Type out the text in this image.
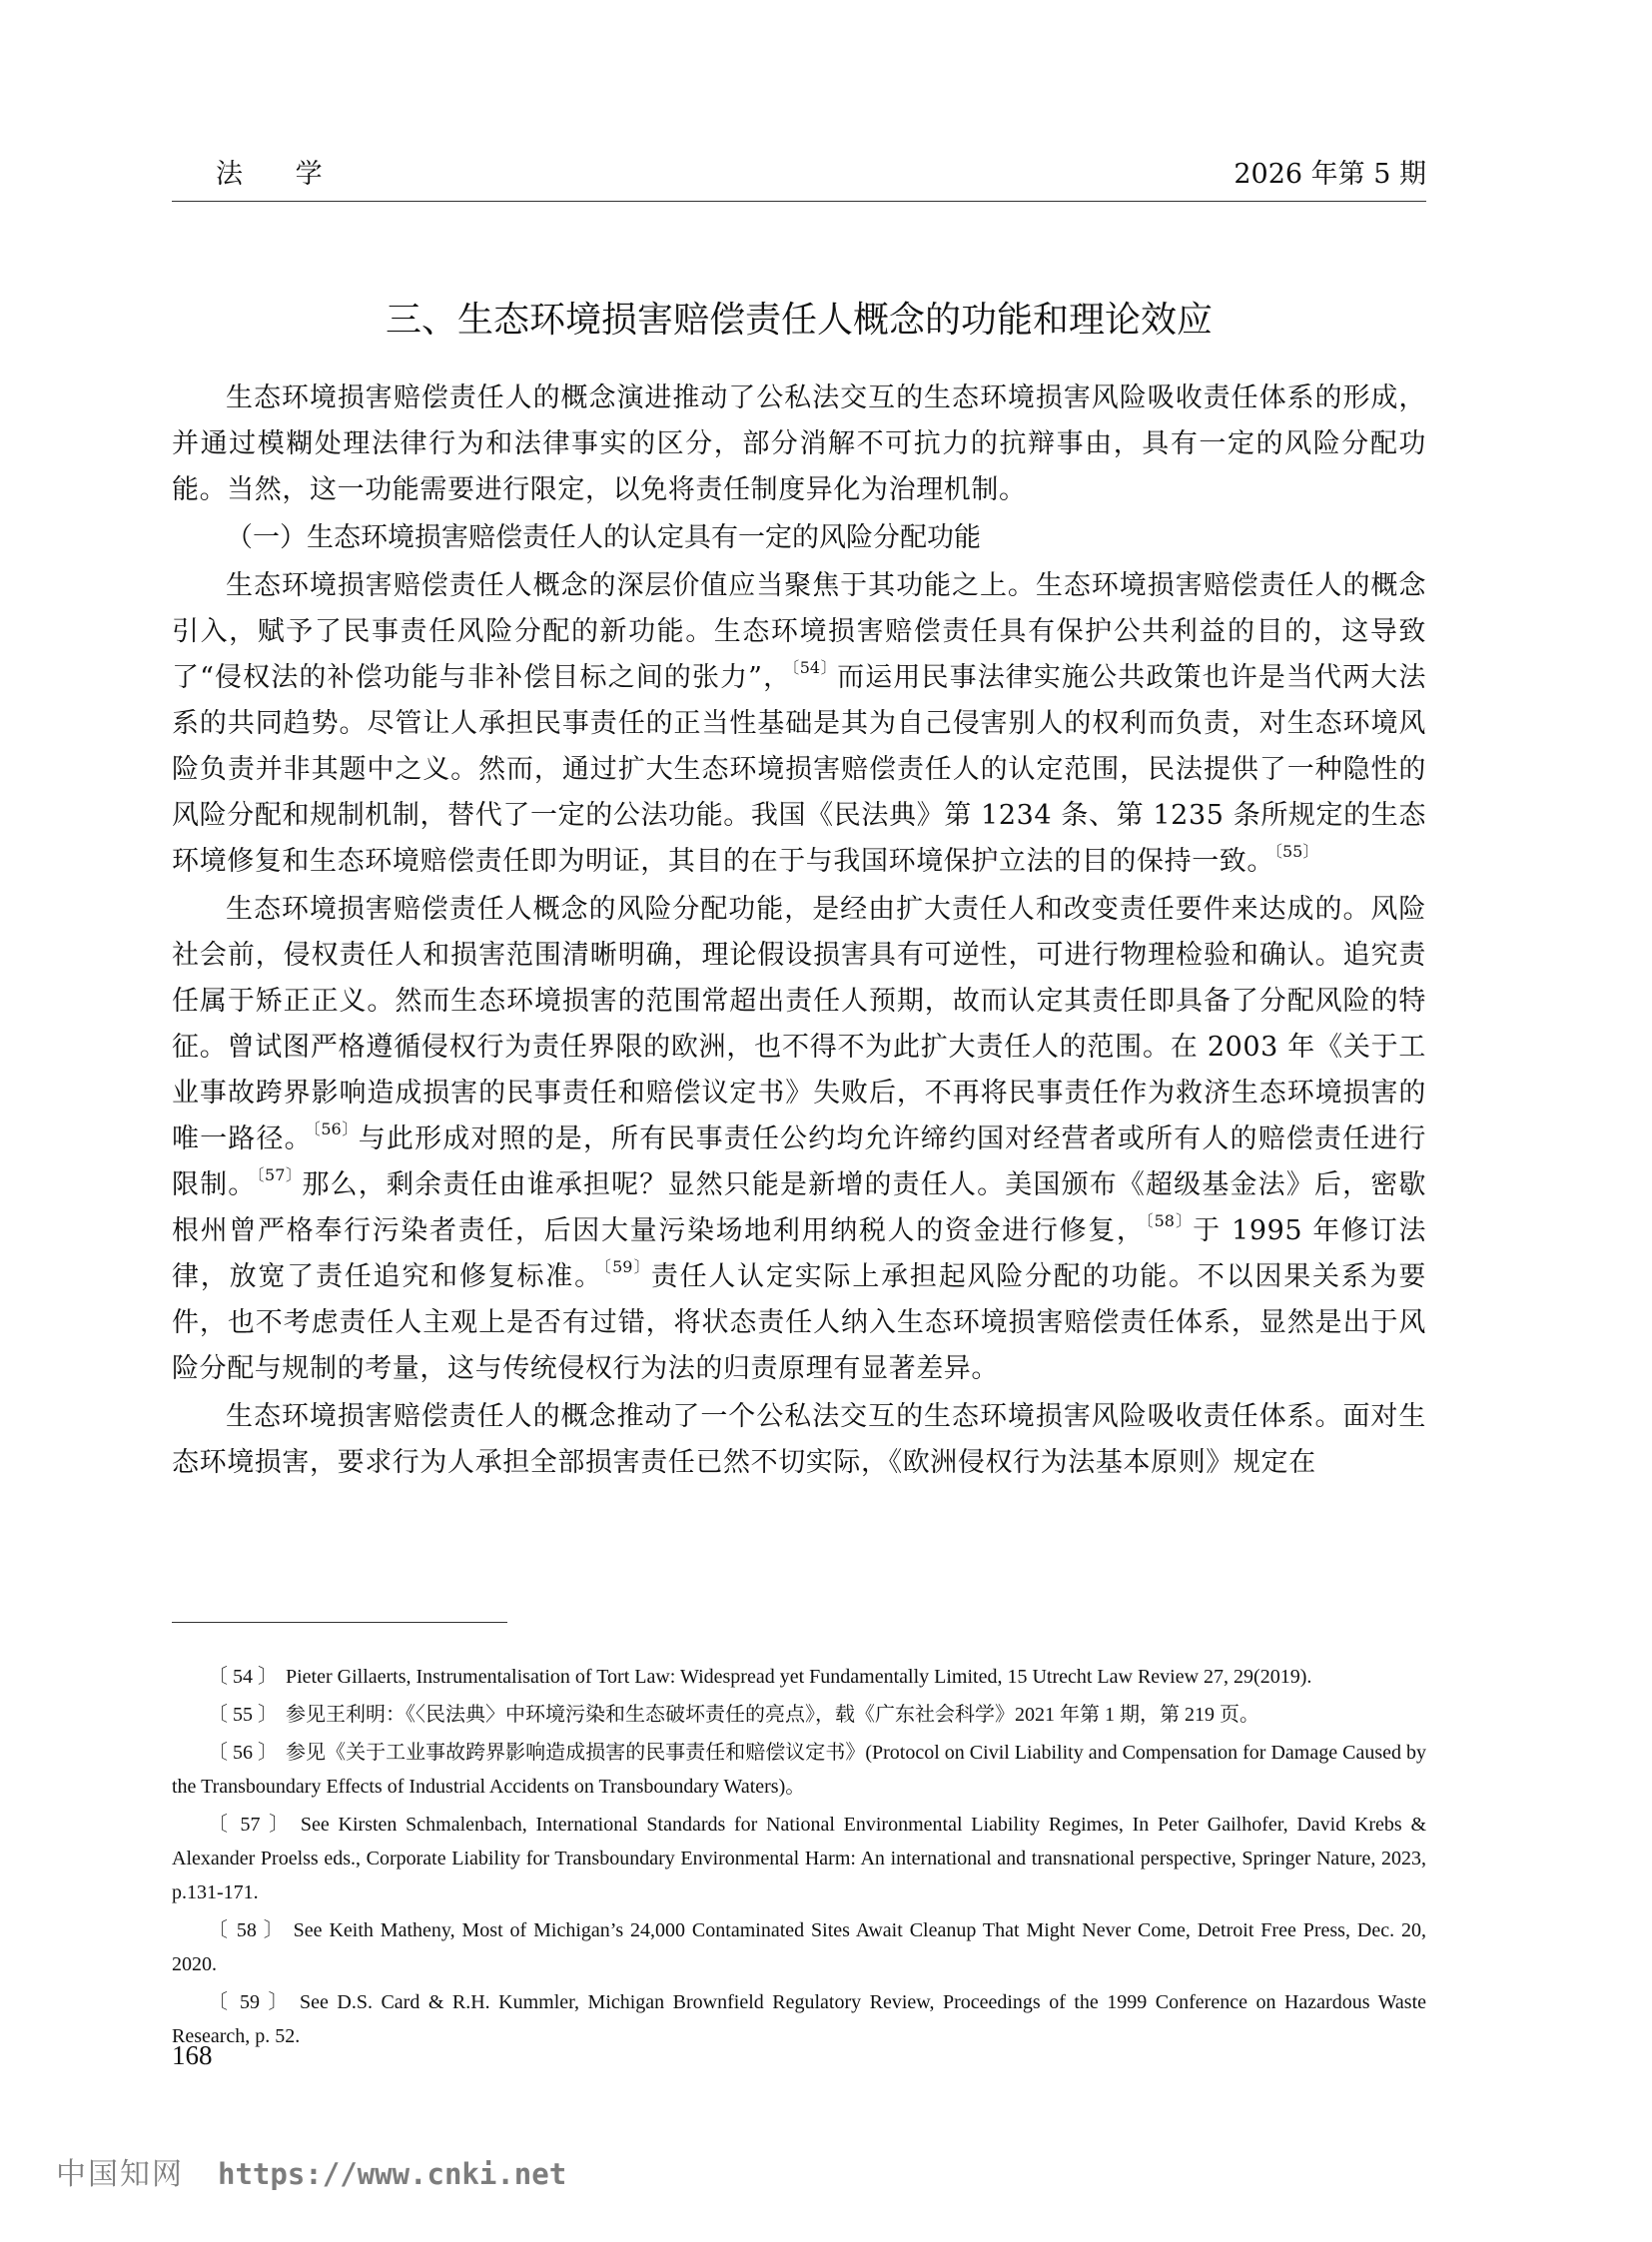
法 学	2026 年第 5 期
三、生态环境损害赔偿责任人概念的功能和理论效应

生态环境损害赔偿责任人的概念演进推动了公私法交互的生态环境损害风险吸收责任体系的形成，并通过模糊处理法律行为和法律事实的区分，部分消解不可抗力的抗辩事由，具有一定的风险分配功能。当然，这一功能需要进行限定，以免将责任制度异化为治理机制。

（一）生态环境损害赔偿责任人的认定具有一定的风险分配功能

生态环境损害赔偿责任人概念的深层价值应当聚焦于其功能之上。生态环境损害赔偿责任人的概念引入，赋予了民事责任风险分配的新功能。生态环境损害赔偿责任具有保护公共利益的目的，这导致了“侵权法的补偿功能与非补偿目标之间的张力”，$^{〔54〕}$而运用民事法律实施公共政策也许是当代两大法系的共同趋势。尽管让人承担民事责任的正当性基础是其为自己侵害别人的权利而负责，对生态环境风险负责并非其题中之义。然而，通过扩大生态环境损害赔偿责任人的认定范围，民法提供了一种隐性的风险分配和规制机制，替代了一定的公法功能。我国《民法典》第 1234 条、第 1235 条所规定的生态环境修复和生态环境赔偿责任即为明证，其目的在于与我国环境保护立法的目的保持一致。$^{〔55〕}$

生态环境损害赔偿责任人概念的风险分配功能，是经由扩大责任人和改变责任要件来达成的。风险社会前，侵权责任人和损害范围清晰明确，理论假设损害具有可逆性，可进行物理检验和确认。追究责任属于矫正正义。然而生态环境损害的范围常超出责任人预期，故而认定其责任即具备了分配风险的特征。曾试图严格遵循侵权行为责任界限的欧洲，也不得不为此扩大责任人的范围。在 2003 年《关于工业事故跨界影响造成损害的民事责任和赔偿议定书》失败后，不再将民事责任作为救济生态环境损害的唯一路径。$^{〔56〕}$与此形成对照的是，所有民事责任公约均允许缔约国对经营者或所有人的赔偿责任进行限制。$^{〔57〕}$那么，剩余责任由谁承担呢？显然只能是新增的责任人。美国颁布《超级基金法》后，密歇根州曾严格奉行污染者责任，后因大量污染场地利用纳税人的资金进行修复，$^{〔58〕}$于 1995 年修订法律，放宽了责任追究和修复标准。$^{〔59〕}$责任人认定实际上承担起风险分配的功能。不以因果关系为要件，也不考虑责任人主观上是否有过错，将状态责任人纳入生态环境损害赔偿责任体系，显然是出于风险分配与规制的考量，这与传统侵权行为法的归责原理有显著差异。

生态环境损害赔偿责任人的概念推动了一个公私法交互的生态环境损害风险吸收责任体系。面对生态环境损害，要求行为人承担全部损害责任已然不切实际，《欧洲侵权行为法基本原则》规定在

〔 54 〕 Pieter Gillaerts, Instrumentalisation of Tort Law: Widespread yet Fundamentally Limited, 15 Utrecht Law Review 27, 29(2019).

〔 55 〕 参见王利明：《〈民法典〉中环境污染和生态破坏责任的亮点》，载《广东社会科学》2021 年第 1 期，第 219 页。

〔 56 〕 参见《关于工业事故跨界影响造成损害的民事责任和赔偿议定书》(Protocol on Civil Liability and Compensation for Damage Caused by the Transboundary Effects of Industrial Accidents on Transboundary Waters)。

〔 57 〕 See Kirsten Schmalenbach, International Standards for National Environmental Liability Regimes, In Peter Gailhofer, David Krebs & Alexander Proelss eds., Corporate Liability for Transboundary Environmental Harm: An international and transnational perspective, Springer Nature, 2023, p.131-171.

〔 58 〕 See Keith Matheny, Most of Michigan’s 24,000 Contaminated Sites Await Cleanup That Might Never Come, Detroit Free Press, Dec. 20, 2020.

〔 59 〕 See D.S. Card & R.H. Kummler, Michigan Brownfield Regulatory Review, Proceedings of the 1999 Conference on Hazardous Waste Research, p. 52.

168
中国知网 https://www.cnki.net
